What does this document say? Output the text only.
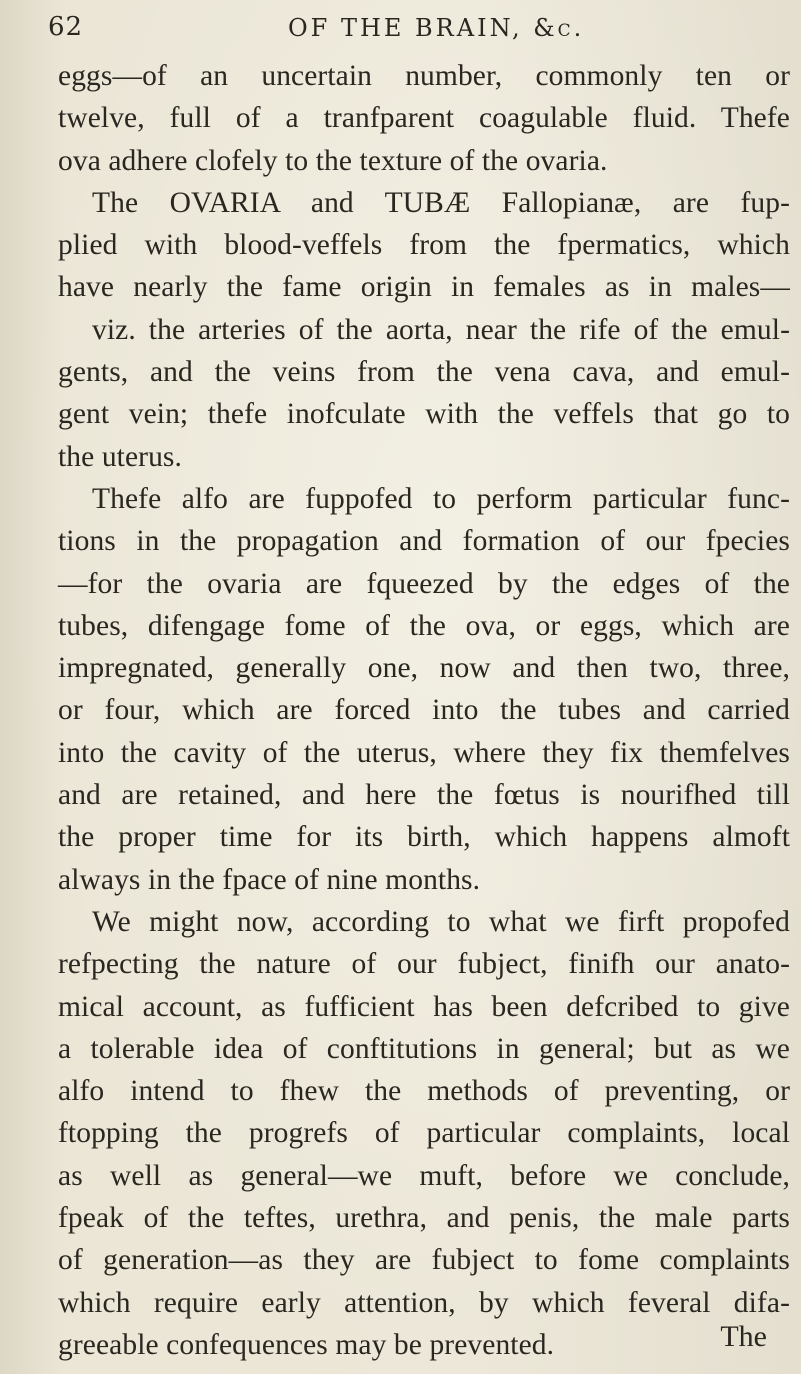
62	OF THE BRAIN, &c.
eggs—of an uncertain number, commonly ten or
twelve, full of a tranfparent coagulable fluid. Thefe
ova adhere clofely to the texture of the ovaria.
The OVARIA and TUBÆ Fallopianæ, are fup-
plied with blood-veffels from the fpermatics, which
have nearly the fame origin in females as in males—
viz. the arteries of the aorta, near the rife of the emul-
gents, and the veins from the vena cava, and emul-
gent vein; thefe inofculate with the veffels that go to
the uterus.
Thefe alfo are fuppofed to perform particular func-
tions in the propagation and formation of our fpecies
—for the ovaria are fqueezed by the edges of the
tubes, difengage fome of the ova, or eggs, which are
impregnated, generally one, now and then two, three,
or four, which are forced into the tubes and carried
into the cavity of the uterus, where they fix themfelves
and are retained, and here the fœtus is nourifhed till
the proper time for its birth, which happens almoft
always in the fpace of nine months.
We might now, according to what we firft propofed
refpecting the nature of our fubject, finifh our anato-
mical account, as fufficient has been defcribed to give
a tolerable idea of conftitutions in general; but as we
alfo intend to fhew the methods of preventing, or
ftopping the progrefs of particular complaints, local
as well as general—we muft, before we conclude,
fpeak of the teftes, urethra, and penis, the male parts
of generation—as they are fubject to fome complaints
which require early attention, by which feveral difa-
greeable confequences may be prevented.	The
